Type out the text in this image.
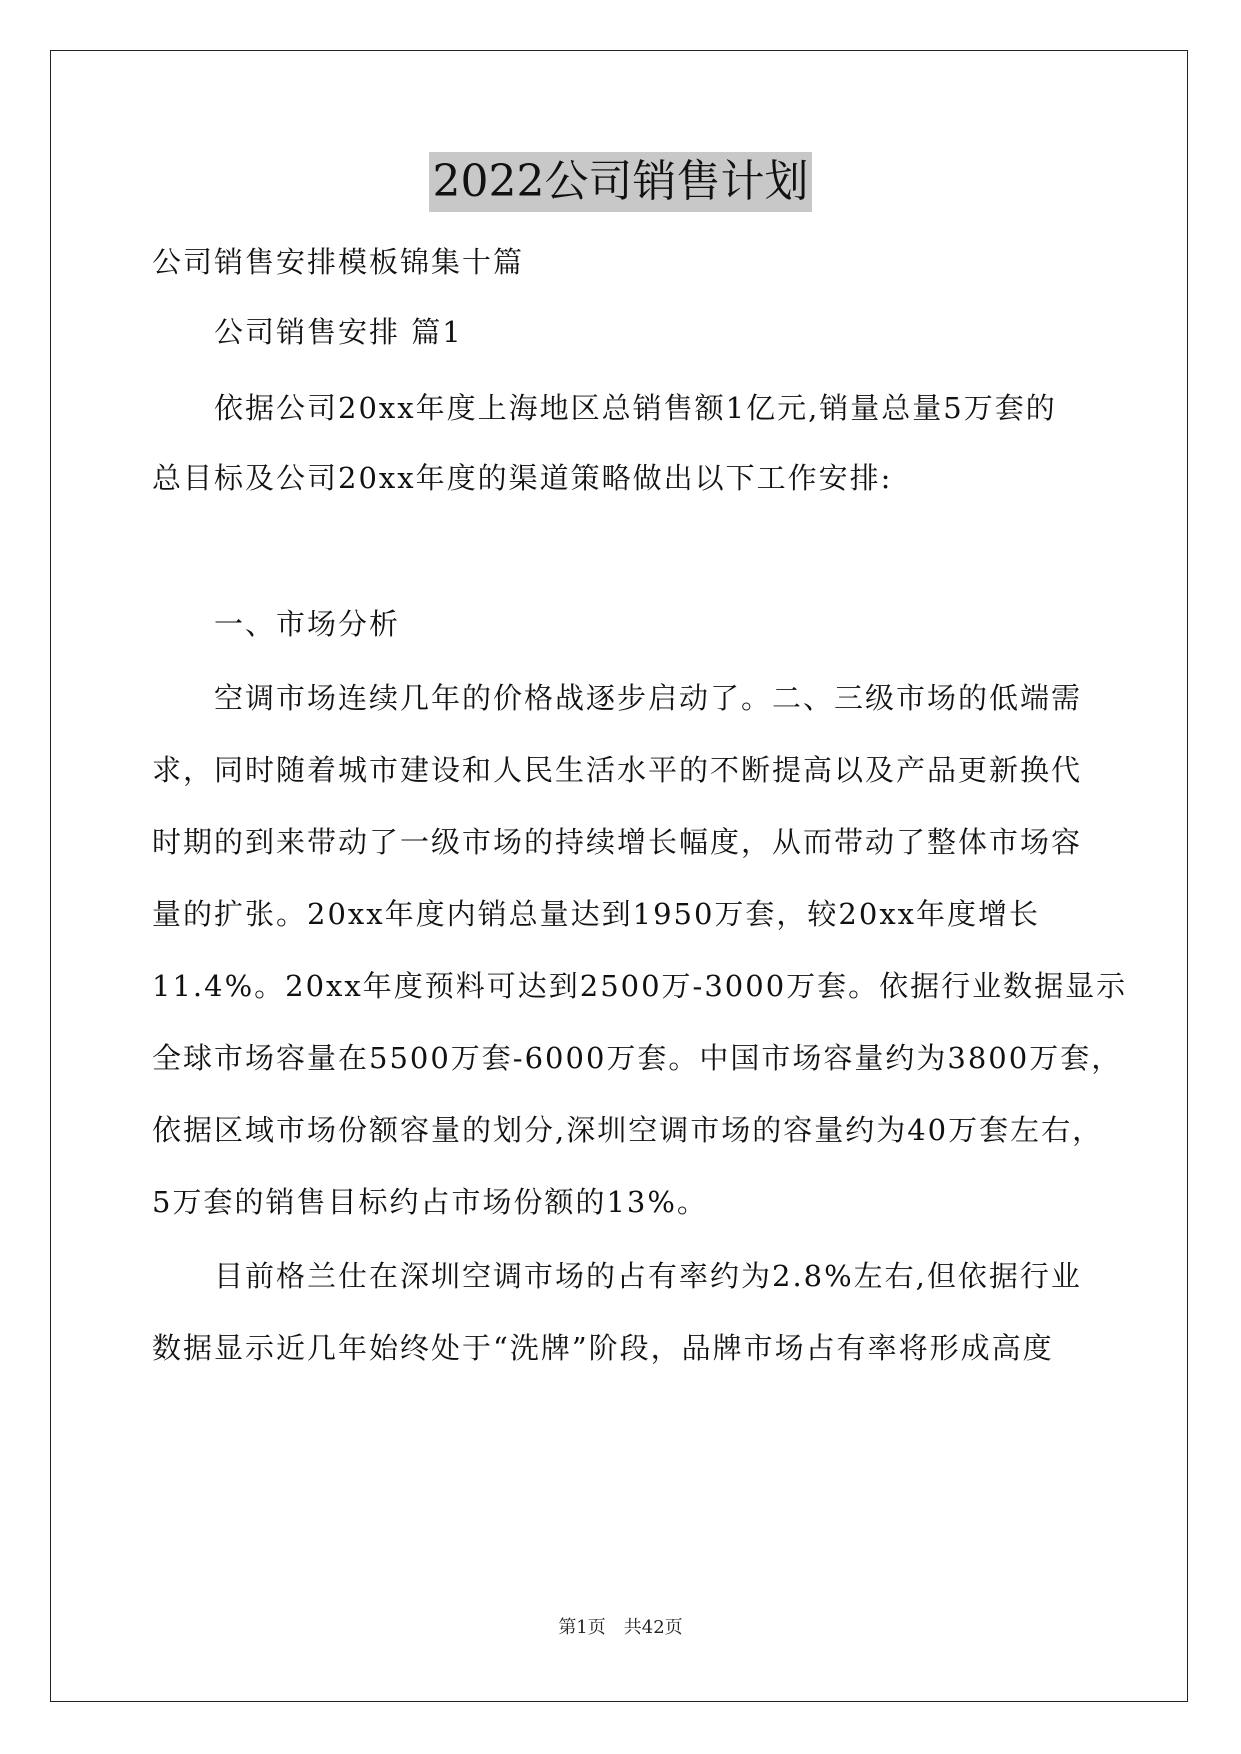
2022公司销售计划
公司销售安排模板锦集十篇
公司销售安排 篇1
依据公司20xx年度上海地区总销售额1亿元,销量总量5万套的
总目标及公司20xx年度的渠道策略做出以下工作安排:
一、市场分析
空调市场连续几年的价格战逐步启动了。二、三级市场的低端需
求，同时随着城市建设和人民生活水平的不断提高以及产品更新换代
时期的到来带动了一级市场的持续增长幅度，从而带动了整体市场容
量的扩张。20xx年度内销总量达到1950万套，较20xx年度增长
11.4%。20xx年度预料可达到2500万-3000万套。依据行业数据显示
全球市场容量在5500万套-6000万套。中国市场容量约为3800万套，
依据区域市场份额容量的划分,深圳空调市场的容量约为40万套左右，
5万套的销售目标约占市场份额的13%。
目前格兰仕在深圳空调市场的占有率约为2.8%左右,但依据行业
数据显示近几年始终处于“洗牌”阶段，品牌市场占有率将形成高度
第1页　共42页
